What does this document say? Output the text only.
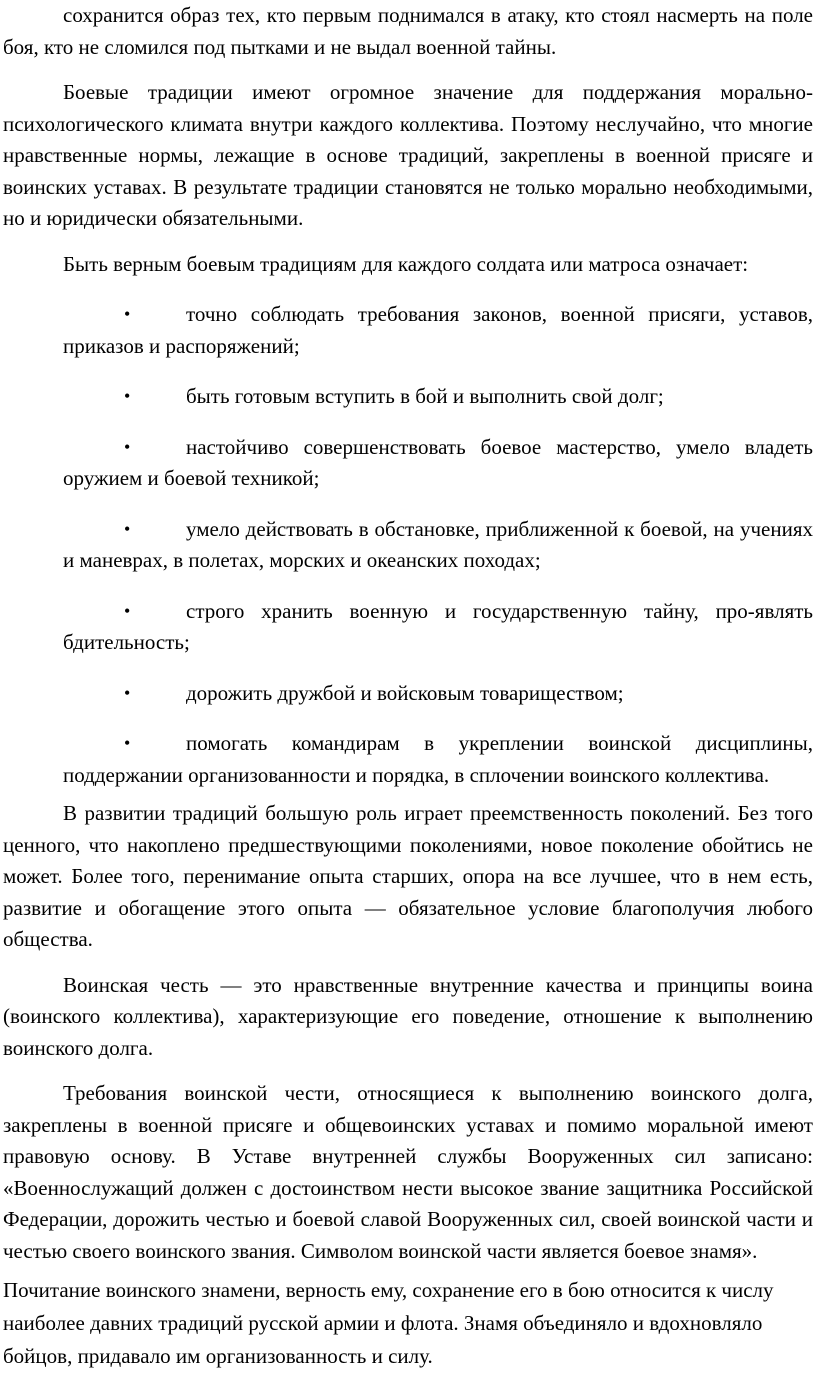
сохранится образ тех, кто первым поднимался в атаку, кто стоял насмерть на поле боя, кто не сломился под пытками и не выдал военной тайны.

Боевые традиции имеют огромное значение для поддержания морально-психологического климата внутри каждого коллектива. Поэтому неслучайно, что многие нравственные нормы, лежащие в основе традиций, закреплены в военной присяге и воинских уставах. В результате традиции становятся не только морально необходимыми, но и юридически обязательными.

Быть верным боевым традициям для каждого солдата или матроса означает:

•	точно соблюдать требования законов, военной присяги, уставов, приказов и распоряжений;
•	быть готовым вступить в бой и выполнить свой долг;
•	настойчиво совершенствовать боевое мастерство, умело владеть оружием и боевой техникой;
•	умело действовать в обстановке, приближенной к боевой, на учениях и маневрах, в полетах, морских и океанских походах;
•	строго хранить военную и государственную тайну, про-являть бдительность;
•	дорожить дружбой и войсковым товариществом;
•	помогать командирам в укреплении воинской дисциплины, поддержании организованности и порядка, в сплочении воинского коллектива.

В развитии традиций большую роль играет преемственность поколений. Без того ценного, что накоплено предшествующими поколениями, новое поколение обойтись не может. Более того, перенимание опыта старших, опора на все лучшее, что в нем есть, развитие и обогащение этого опыта — обязательное условие благополучия любого общества.

Воинская честь — это нравственные внутренние качества и принципы воина (воинского коллектива), характеризующие его поведение, отношение к выполнению воинского долга.

Требования воинской чести, относящиеся к выполнению воинского долга, закреплены в военной присяге и общевоинских уставах и помимо моральной имеют правовую основу. В Уставе внутренней службы Вооруженных сил записано: «Военнослужащий должен с достоинством нести высокое звание защитника Российской Федерации, дорожить честью и боевой славой Вооруженных сил, своей воинской части и честью своего воинского звания. Символом воинской части является боевое знамя».

Почитание воинского знамени, верность ему, сохранение его в бою относится к числу наиболее давних традиций русской армии и флота. Знамя объединяло и вдохновляло бойцов, придавало им организованность и силу.
